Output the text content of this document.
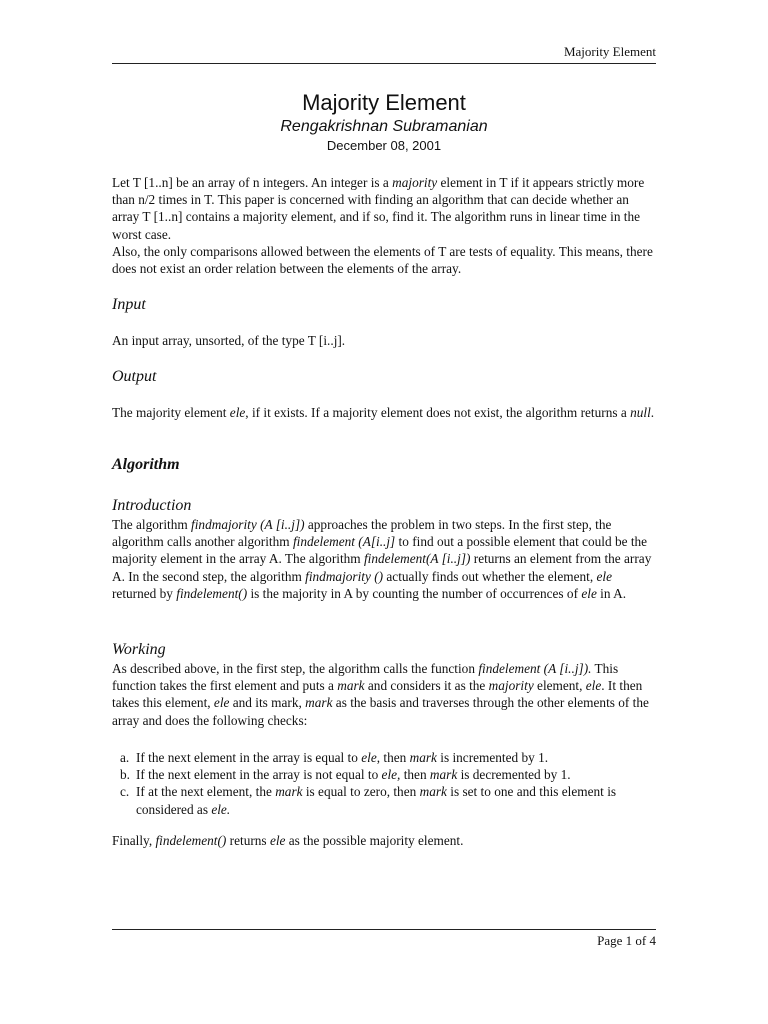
Majority Element
Majority Element

Rengakrishnan Subramanian

December 08, 2001

Let T [1..n] be an array of n integers. An integer is a majority element in T if it appears strictly more than n/2 times in T. This paper is concerned with finding an algorithm that can decide whether an array T [1..n] contains a majority element, and if so, find it. The algorithm runs in linear time in the worst case.

Also, the only comparisons allowed between the elements of T are tests of equality. This means, there does not exist an order relation between the elements of the array.

Input

An input array, unsorted, of the type T [i..j].

Output

The majority element ele, if it exists. If a majority element does not exist, the algorithm returns a null.

Algorithm
Introduction

The algorithm findmajority (A [i..j]) approaches the problem in two steps. In the first step, the algorithm calls another algorithm findelement (A[i..j] to find out a possible element that could be the majority element in the array A. The algorithm findelement(A [i..j]) returns an element from the array A. In the second step, the algorithm findmajority () actually finds out whether the element, ele returned by findelement() is the majority in A by counting the number of occurrences of ele in A.

Working

As described above, in the first step, the algorithm calls the function findelement (A [i..j]). This function takes the first element and puts a mark and considers it as the majority element, ele. It then takes this element, ele and its mark, mark as the basis and traverses through the other elements of the array and does the following checks:

a. If the next element in the array is equal to ele, then mark is incremented by 1.
b. If the next element in the array is not equal to ele, then mark is decremented by 1.
c. If at the next element, the mark is equal to zero, then mark is set to one and this element is considered as ele.

Finally, findelement() returns ele as the possible majority element.

Page 1 of 4
